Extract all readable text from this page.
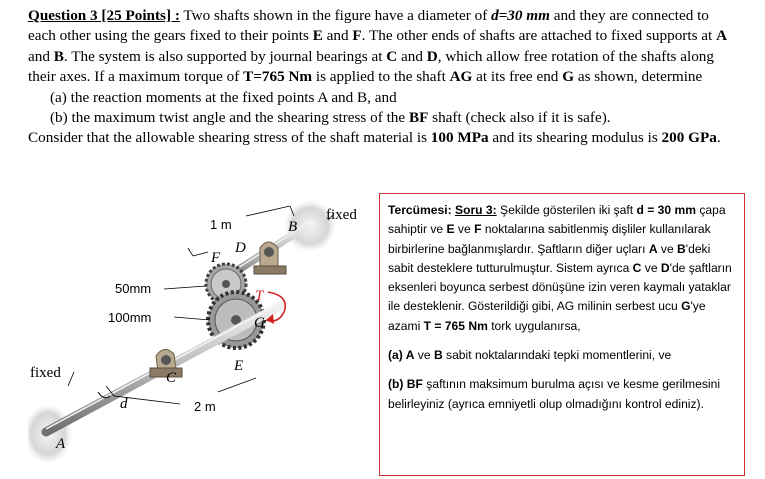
Question 3 [25 Points] : Two shafts shown in the figure have a diameter of d=30 mm and they are connected to each other using the gears fixed to their points E and F. The other ends of shafts are attached to fixed supports at A and B. The system is also supported by journal bearings at C and D, which allow free rotation of the shafts along their axes. If a maximum torque of T=765 Nm is applied to the shaft AG at its free end G as shown, determine

(a) the reaction moments at the fixed points A and B, and

(b) the maximum twist angle and the shearing stress of the BF shaft (check also if it is safe).

Consider that the allowable shearing stress of the shaft material is 100 MPa and its shearing modulus is 200 GPa.

1 m
2 m
50mm
100mm
fixed
fixed
A
B
C
D
E
F
G
d
T

Tercümesi: Soru 3: Şekilde gösterilen iki şaft d = 30 mm çapa sahiptir ve E ve F noktalarına sabitlenmiş dişliler kullanılarak birbirlerine bağlanmışlardır. Şaftların diğer uçları A ve B'deki sabit desteklere tutturulmuştur. Sistem ayrıca C ve D'de şaftların eksenleri boyunca serbest dönüşüne izin veren kaymalı yataklar ile desteklenir. Gösterildiği gibi, AG milinin serbest ucu G'ye azami T = 765 Nm tork uygulanırsa,

(a) A ve B sabit noktalarındaki tepki momentlerini, ve

(b) BF şaftının maksimum burulma açısı ve kesme gerilmesini belirleyiniz (ayrıca emniyetli olup olmadığını kontrol ediniz).
